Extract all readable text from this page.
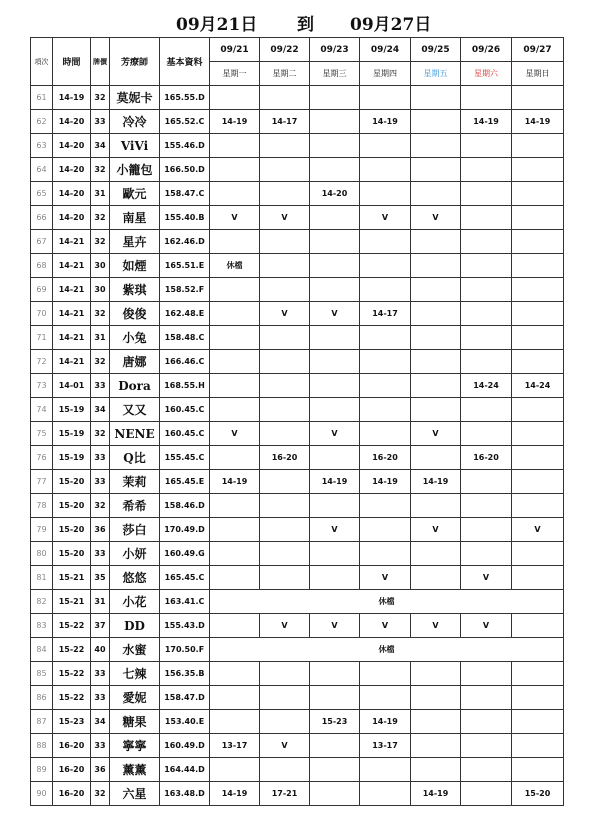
09月21日 到 09月27日
項次	時間	牌價	芳療師	基本資料	09/21	09/22	09/23	09/24	09/25	09/26	09/27
					星期一	星期二	星期三	星期四	星期五	星期六	星期日
61	14-19	32	莫妮卡	165.55.D							
62	14-20	33	冷冷	165.52.C	14-19	14-17		14-19		14-19	14-19
63	14-20	34	ViVi	155.46.D							
64	14-20	32	小籠包	166.50.D							
65	14-20	31	歐元	158.47.C			14-20				
66	14-20	32	南星	155.40.B	V	V		V	V		
67	14-21	32	星卉	162.46.D							
68	14-21	30	如煙	165.51.E	休檔						
69	14-21	30	紫琪	158.52.F							
70	14-21	32	俊俊	162.48.E		V	V	14-17			
71	14-21	31	小兔	158.48.C							
72	14-21	32	唐娜	166.46.C							
73	14-01	33	Dora	168.55.H						14-24	14-24
74	15-19	34	又又	160.45.C							
75	15-19	32	NENE	160.45.C	V		V		V		
76	15-19	33	Q比	155.45.C		16-20		16-20		16-20	
77	15-20	33	茉莉	165.45.E	14-19		14-19	14-19	14-19		
78	15-20	32	希希	158.46.D							
79	15-20	36	莎白	170.49.D			V		V		V
80	15-20	33	小妍	160.49.G							
81	15-21	35	悠悠	165.45.C				V		V	
82	15-21	31	小花	163.41.C	休檔						
83	15-22	37	DD	155.43.D		V	V	V	V	V	
84	15-22	40	水蜜	170.50.F	休檔						
85	15-22	33	七辣	156.35.B							
86	15-22	33	愛妮	158.47.D							
87	15-23	34	糖果	153.40.E			15-23	14-19			
88	16-20	33	寧寧	160.49.D	13-17	V		13-17			
89	16-20	36	薰薰	164.44.D							
90	16-20	32	六星	163.48.D	14-19	17-21			14-19		15-20
